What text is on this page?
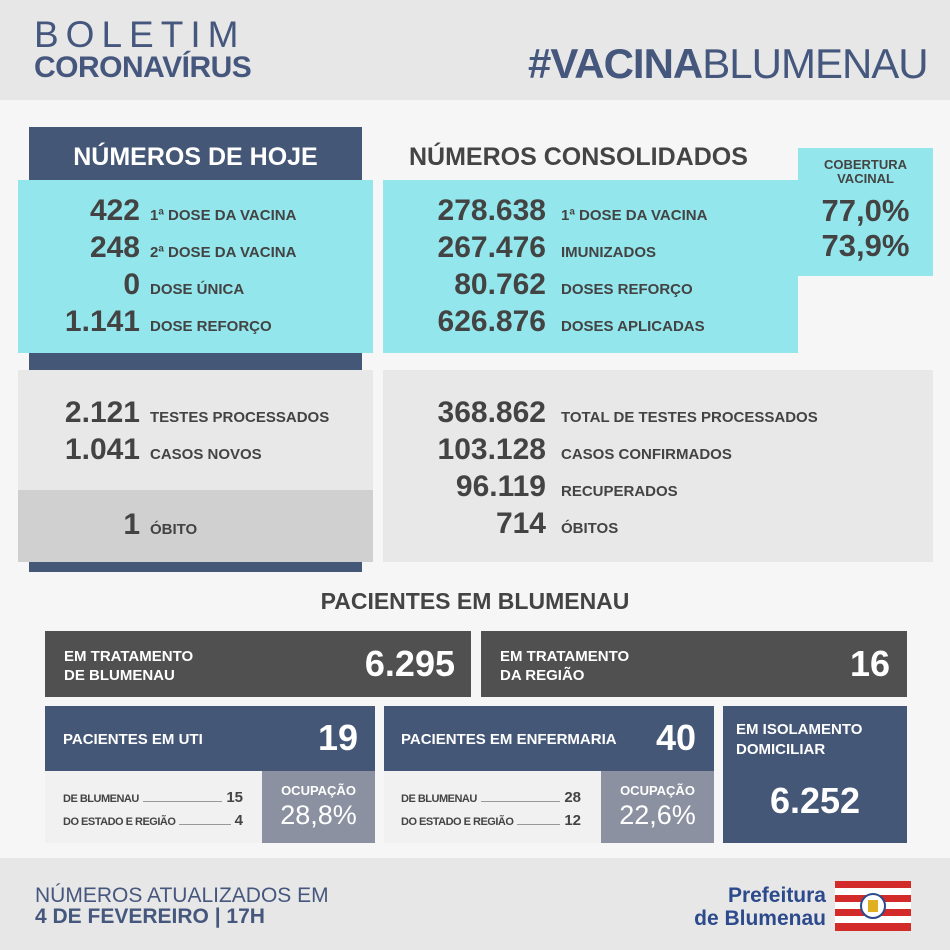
BOLETIM
CORONAVÍRUS	#VACINABLUMENAU
NÚMEROS DE HOJE
422 1ª DOSE DA VACINA
248 2ª DOSE DA VACINA
0 DOSE ÚNICA
1.141 DOSE REFORÇO
2.121 TESTES PROCESSADOS
1.041 CASOS NOVOS
1 ÓBITO
NÚMEROS CONSOLIDADOS
278.638 1ª DOSE DA VACINA
267.476 IMUNIZADOS
80.762 DOSES REFORÇO
626.876 DOSES APLICADAS
368.862 TOTAL DE TESTES PROCESSADOS
103.128 CASOS CONFIRMADOS
96.119 RECUPERADOS
714 ÓBITOS
COBERTURA
VACINAL
77,0%
73,9%
PACIENTES EM BLUMENAU
EM TRATAMENTO
DE BLUMENAU	6.295	EM TRATAMENTO
DA REGIÃO	16
PACIENTES EM UTI	19
DE BLUMENAU	15
DO ESTADO E REGIÃO	4
OCUPAÇÃO
28,8%
PACIENTES EM ENFERMARIA	40
DE BLUMENAU	28
DO ESTADO E REGIÃO	12
OCUPAÇÃO
22,6%
EM ISOLAMENTO
DOMICILIAR
6.252
NÚMEROS ATUALIZADOS EM
4 DE FEVEREIRO | 17H
Prefeitura
de Blumenau
